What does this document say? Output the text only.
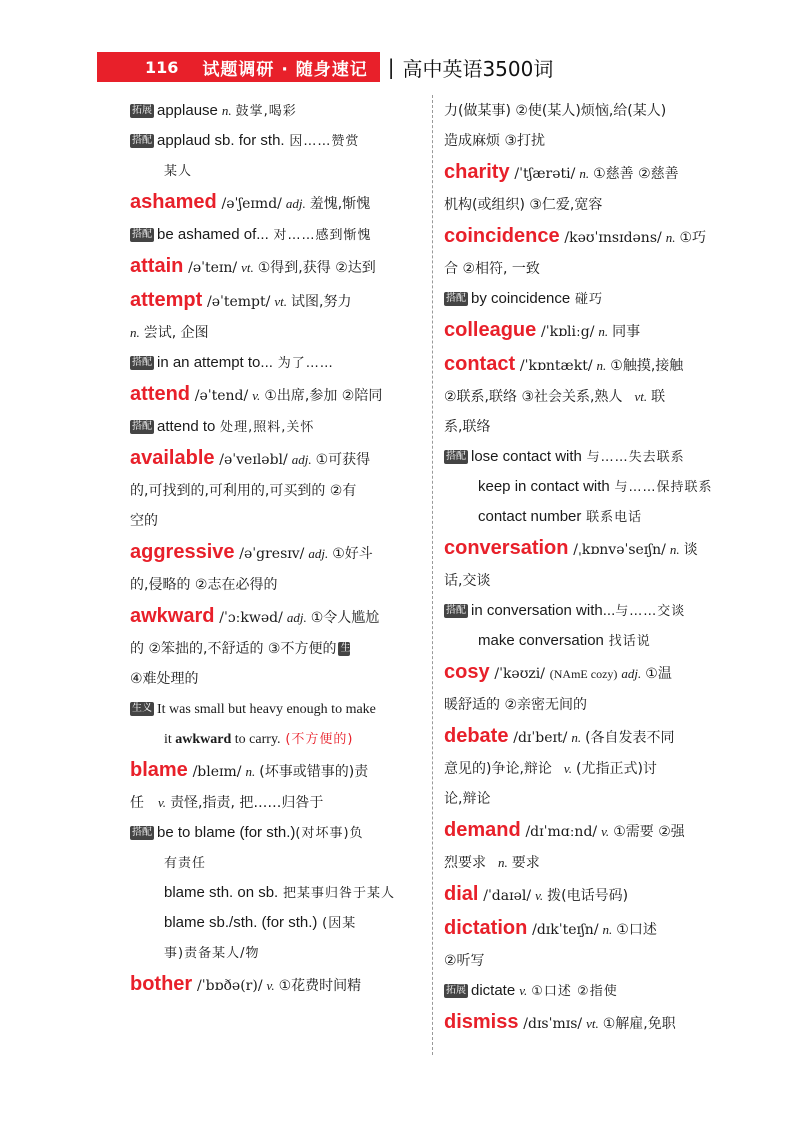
116 试题调研 · 随身速记 | 高中英语3500词
拓展 applause n. 鼓掌,喝彩
搭配 applaud sb. for sth. 因……赞赏
某人
ashamed /əˈʃeɪmd/ adj. 羞愧,惭愧
搭配 be ashamed of... 对……感到惭愧
attain /əˈteɪn/ vt. ①得到,获得 ②达到
attempt /əˈtempt/ vt. 试图,努力
n. 尝试, 企图
搭配 in an attempt to... 为了……
attend /əˈtend/ v. ①出席,参加 ②陪同
搭配 attend to 处理,照料,关怀
available /əˈveɪləbl/ adj. ①可获得
的,可找到的,可利用的,可买到的 ②有
空的
aggressive /əˈgresɪv/ adj. ①好斗
的,侵略的 ②志在必得的
awkward /ˈɔːkwəd/ adj. ①令人尴尬
的 ②笨拙的,不舒适的 ③不方便的 生义
④难处理的
生义 It was small but heavy enough to make
it awkward to carry. (不方便的)
blame /bleɪm/ n. (坏事或错事的)责
任 v. 责怪,指责, 把……归咎于
搭配 be to blame (for sth.)(对坏事)负
有责任
blame sth. on sb. 把某事归咎于某人
blame sb./sth. (for sth.) (因某
事)责备某人/物
bother /ˈbɒðə(r)/ v. ①花费时间精
力(做某事) ②使(某人)烦恼,给(某人)
造成麻烦 ③打扰
charity /ˈtʃærəti/ n. ①慈善 ②慈善
机构(或组织) ③仁爱,宽容
coincidence /kəʊˈɪnsɪdəns/ n. ①巧
合 ②相符, 一致
搭配 by coincidence 碰巧
colleague /ˈkɒliːg/ n. 同事
contact /ˈkɒntækt/ n. ①触摸,接触
②联系,联络 ③社会关系,熟人 vt. 联
系,联络
搭配 lose contact with 与……失去联系
keep in contact with 与……保持联系
contact number 联系电话
conversation /ˌkɒnvəˈseɪʃn/ n. 谈
话,交谈
搭配 in conversation with...与……交谈
make conversation 找话说
cosy /ˈkəʊzi/ (NAmE cozy) adj. ①温
暖舒适的 ②亲密无间的
debate /dɪˈbeɪt/ n. (各自发表不同
意见的)争论,辩论 v. (尤指正式)讨
论,辩论
demand /dɪˈmɑːnd/ v. ①需要 ②强
烈要求 n. 要求
dial /ˈdaɪəl/ v. 拨(电话号码)
dictation /dɪkˈteɪʃn/ n. ①口述
②听写
拓展 dictate v. ①口述 ②指使
dismiss /dɪsˈmɪs/ vt. ①解雇,免职
